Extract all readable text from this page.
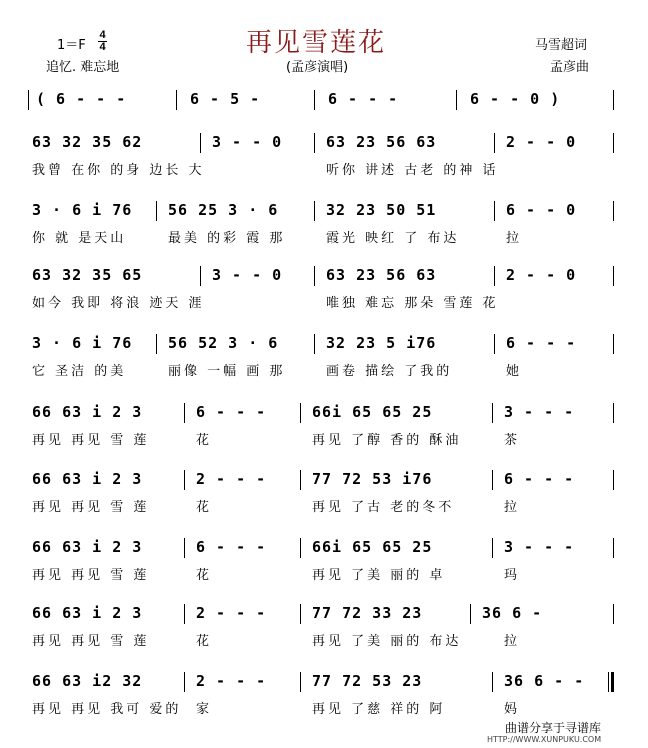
再见雪莲花
1＝F
4
4
追忆. 难忘地	(孟彦演唱)
马雪超词
孟彦曲
( 6 - - -	6 - 5 -	6 - - -	6 - - 0 )
63 32 35 62	3 - - 0	63 23 56 63	2 - - 0
我曾 在你 的身 边长 大	听你 讲述 古老 的神 话
3 · 6 i 76 56 25 3 · 6	32 23 50 51	6 - - 0
你 就 是天山	最美 的彩 霞 那	霞光 映红 了 布达	拉
63 32 35 65	3 - - 0	63 23 56 63	2 - - 0
如今 我即 将浪 迹天 涯	唯独 难忘 那朵 雪莲 花
3 · 6 i 76 56 52 3 · 6	32 23 5 i76	6 - - -
它 圣洁 的美	丽像 一幅 画 那	画卷 描绘 了我的	她
66 63 i 2 3	6 - - -	66i 65 65 25	3 - - -
再见 再见 雪 莲	花	再见 了醇 香的 酥油	茶
66 63 i 2 3	2 - - -	77 72 53 i76	6 - - -
再见 再见 雪 莲	花	再见 了古 老的冬不	拉
66 63 i 2 3	6 - - -	66i 65 65 25	3 - - -
再见 再见 雪 莲	花	再见 了美 丽的 卓	玛
66 63 i 2 3	2 - - -	77 72 33 23	36 6 -
再见 再见 雪 莲	花	再见 了美 丽的 布达	拉
66 63 i2 32	2 - - -	77 72 53 23	36 6 - -
再见 再见 我可 爱的 家	再见 了慈 祥的 阿	妈
曲谱分享于寻谱库
HTTP://WWW.XUNPUKU.COM
